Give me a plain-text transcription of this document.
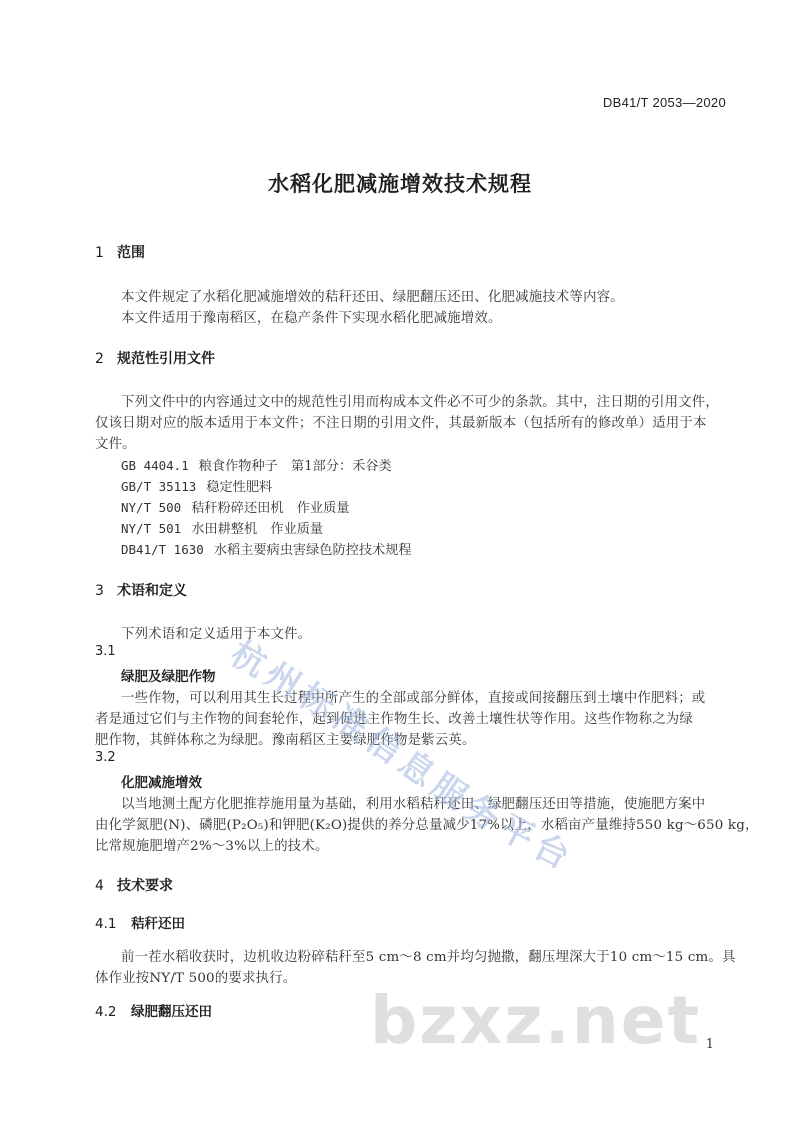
DB41/T 2053—2020
水稻化肥减施增效技术规程
1 范围
本文件规定了水稻化肥减施增效的秸秆还田、绿肥翻压还田、化肥减施技术等内容。
本文件适用于豫南稻区，在稳产条件下实现水稻化肥减施增效。
2 规范性引用文件
下列文件中的内容通过文中的规范性引用而构成本文件必不可少的条款。其中，注日期的引用文件，
仅该日期对应的版本适用于本文件；不注日期的引用文件，其最新版本（包括所有的修改单）适用于本
文件。
GB 4404.1 粮食作物种子　第1部分：禾谷类
GB/T 35113 稳定性肥料
NY/T 500 秸秆粉碎还田机　作业质量
NY/T 501 水田耕整机　作业质量
DB41/T 1630 水稻主要病虫害绿色防控技术规程
3 术语和定义
下列术语和定义适用于本文件。
3.1
绿肥及绿肥作物
一些作物，可以利用其生长过程中所产生的全部或部分鲜体，直接或间接翻压到土壤中作肥料；或
者是通过它们与主作物的间套轮作，起到促进主作物生长、改善土壤性状等作用。这些作物称之为绿
肥作物，其鲜体称之为绿肥。豫南稻区主要绿肥作物是紫云英。
3.2
化肥减施增效
以当地测土配方化肥推荐施用量为基础，利用水稻秸秆还田、绿肥翻压还田等措施，使施肥方案中
由化学氮肥(N)、磷肥(P₂O₅)和钾肥(K₂O)提供的养分总量减少17%以上，水稻亩产量维持550 kg～650 kg，
比常规施肥增产2%～3%以上的技术。
4 技术要求
4.1 秸秆还田
前一茬水稻收获时，边机收边粉碎秸秆至5 cm～8 cm并均匀抛撒，翻压埋深大于10 cm～15 cm。具
体作业按NY/T 500的要求执行。
4.2 绿肥翻压还田
杭州标准信息服务平台
bzxz.net 1
